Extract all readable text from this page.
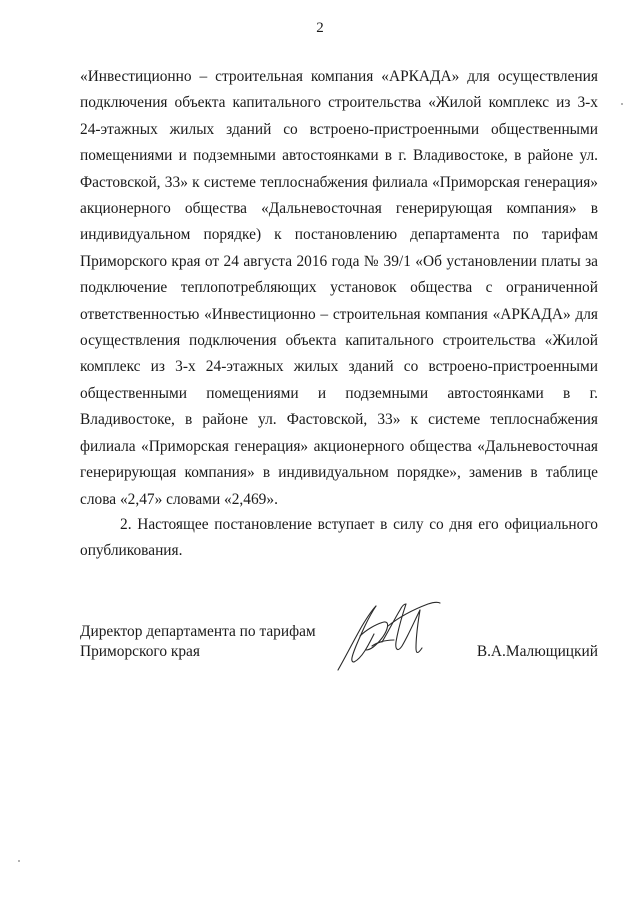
2

«Инвестиционно – строительная компания «АРКАДА» для осуществления подключения объекта капитального строительства «Жилой комплекс из 3-х 24-этажных жилых зданий со встроено-пристроенными общественными помещениями и подземными автостоянками в г. Владивостоке, в районе ул. Фастовской, 33» к системе теплоснабжения филиала «Приморская генерация» акционерного общества «Дальневосточная генерирующая компания» в индивидуальном порядке) к постановлению департамента по тарифам Приморского края от 24 августа 2016 года № 39/1 «Об установлении платы за подключение теплопотребляющих установок общества с ограниченной ответственностью «Инвестиционно – строительная компания «АРКАДА» для осуществления подключения объекта капитального строительства «Жилой комплекс из 3-х 24-этажных жилых зданий со встроено-пристроенными общественными помещениями и подземными автостоянками в г. Владивостоке, в районе ул. Фастовской, 33» к системе теплоснабжения филиала «Приморская генерация» акционерного общества «Дальневосточная генерирующая компания» в индивидуальном порядке», заменив в таблице слова «2,47» словами «2,469».

2. Настоящее постановление вступает в силу со дня его официального опубликования.

Директор департамента по тарифам
Приморского края	В.А.Малющицкий
